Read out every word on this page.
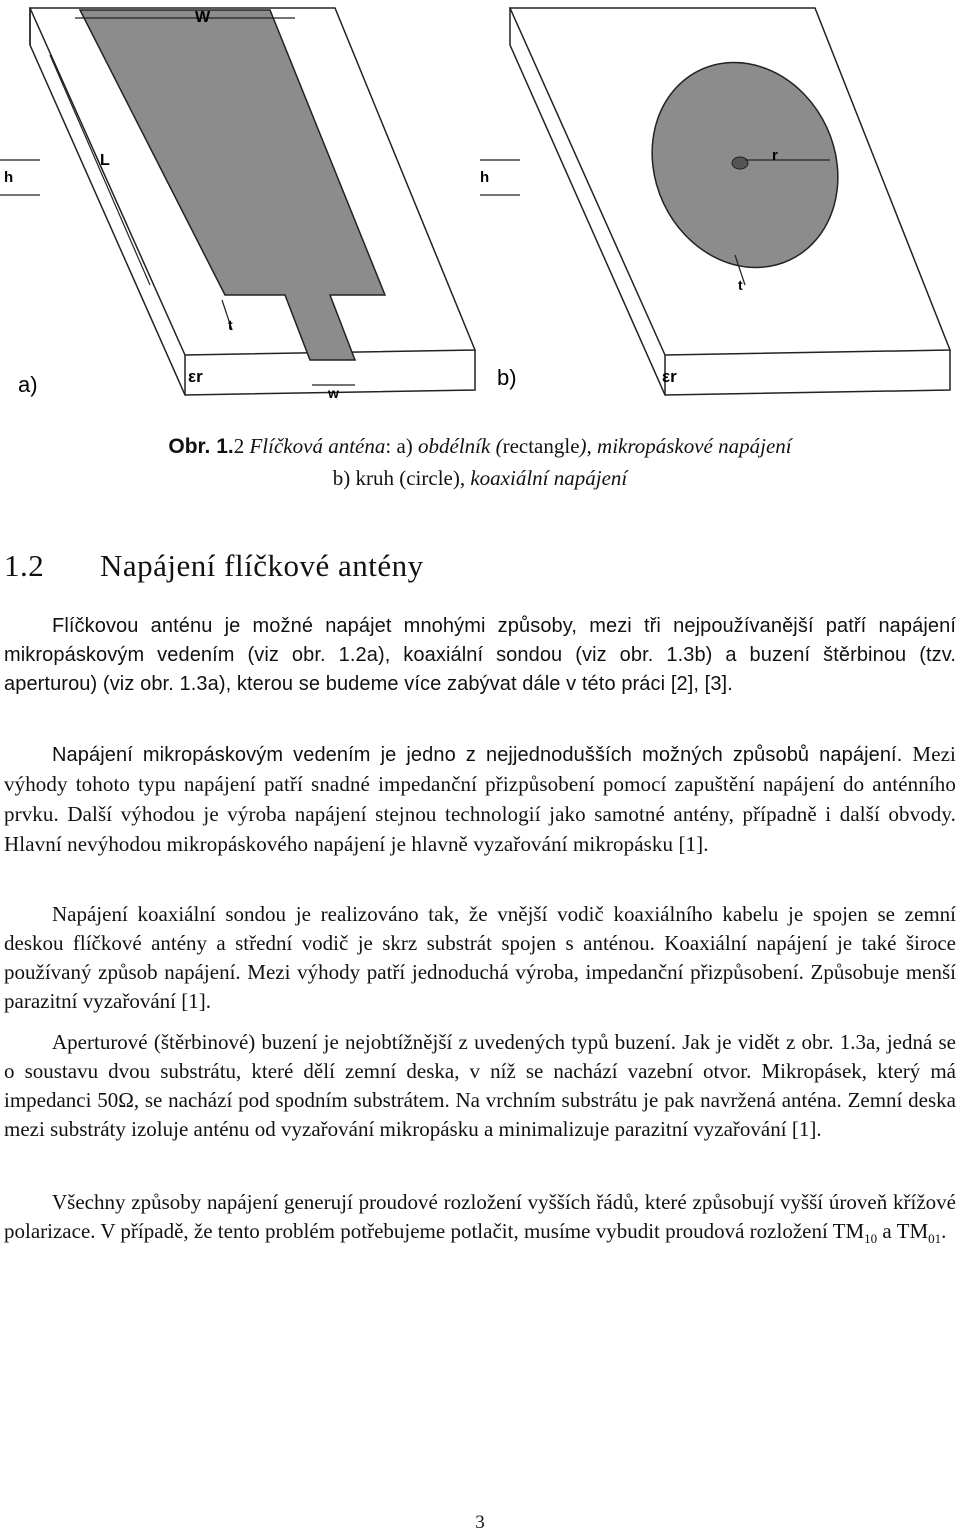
W
L
h
t
w
εr
a)	b)
h
r
t
εr
Obr. 1.2 Flíčková anténa: a) obdélník (rectangle), mikropáskové napájení
b) kruh (circle), koaxiální napájení
1.2 Napájení flíčkové antény

Flíčkovou anténu je možné napájet mnohými způsoby, mezi tři nejpoužívanější patří napájení mikropáskovým vedením (viz obr. 1.2a), koaxiální sondou (viz obr. 1.3b) a buzení štěrbinou (tzv. aperturou) (viz obr. 1.3a), kterou se budeme více zabývat dále v této práci [2], [3].

Napájení mikropáskovým vedením je jedno z nejjednodušších možných způsobů napájení. Mezi výhody tohoto typu napájení patří snadné impedanční přizpůsobení pomocí zapuštění napájení do anténního prvku. Další výhodou je výroba napájení stejnou technologií jako samotné antény, případně i další obvody. Hlavní nevýhodou mikropáskového napájení je hlavně vyzařování mikropásku [1].

Napájení koaxiální sondou je realizováno tak, že vnější vodič koaxiálního kabelu je spojen se zemní deskou flíčkové antény a střední vodič je skrz substrát spojen s anténou. Koaxiální napájení je také široce používaný způsob napájení. Mezi výhody patří jednoduchá výroba, impedanční přizpůsobení. Způsobuje menší parazitní vyzařování [1].

Aperturové (štěrbinové) buzení je nejobtížnější z uvedených typů buzení. Jak je vidět z obr. 1.3a, jedná se o soustavu dvou substrátu, které dělí zemní deska, v níž se nachází vazební otvor. Mikropásek, který má impedanci 50Ω, se nachází pod spodním substrátem. Na vrchním substrátu je pak navržená anténa. Zemní deska mezi substráty izoluje anténu od vyzařování mikropásku a minimalizuje parazitní vyzařování [1].

Všechny způsoby napájení generují proudové rozložení vyšších řádů, které způsobují vyšší úroveň křížové polarizace. V případě, že tento problém potřebujeme potlačit, musíme vybudit proudová rozložení $TM_{10}$ a $TM_{01}$.

3
